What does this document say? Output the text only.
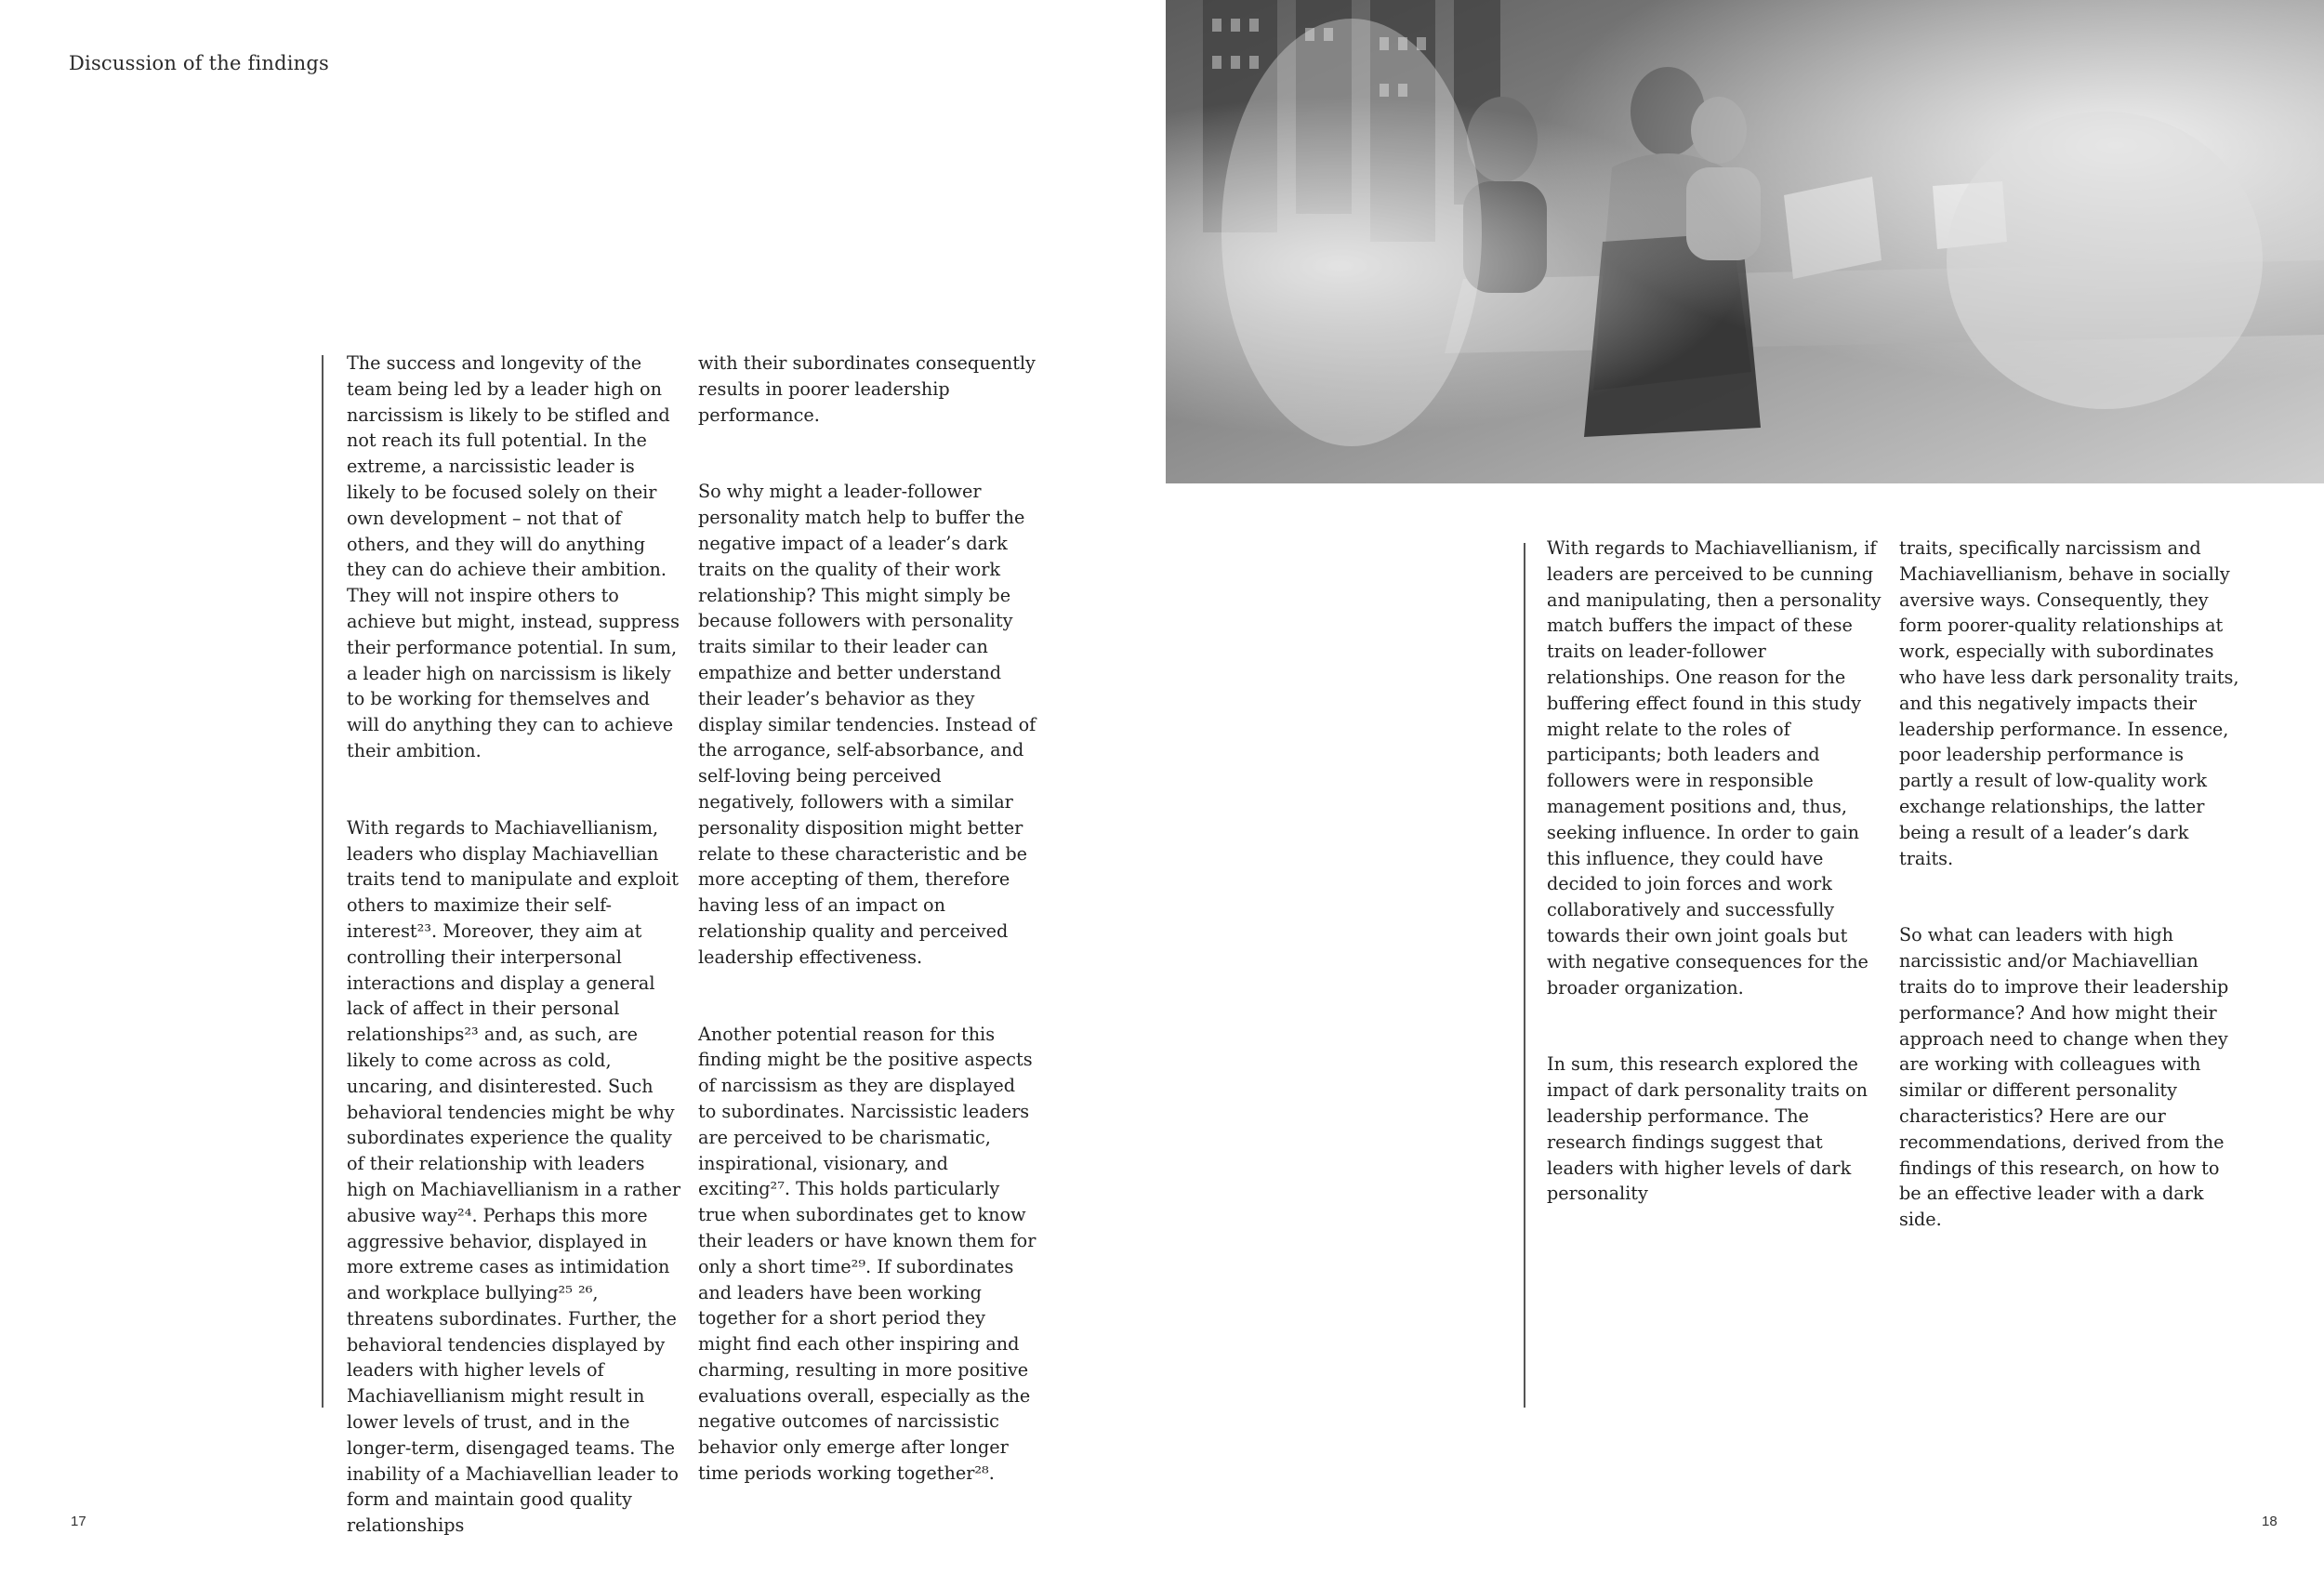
Discussion of the findings

The success and longevity of the team being led by a leader high on narcissism is likely to be stifled and not reach its full potential. In the extreme, a narcissistic leader is likely to be focused solely on their own development – not that of others, and they will do anything they can do achieve their ambition. They will not inspire others to achieve but might, instead, suppress their performance potential. In sum, a leader high on narcissism is likely to be working for themselves and will do anything they can to achieve their ambition.

With regards to Machiavellianism, leaders who display Machiavellian traits tend to manipulate and exploit others to maximize their self-interest²³. Moreover, they aim at controlling their interpersonal interactions and display a general lack of affect in their personal relationships²³ and, as such, are likely to come across as cold, uncaring, and disinterested. Such behavioral tendencies might be why subordinates experience the quality of their relationship with leaders high on Machiavellianism in a rather abusive way²⁴. Perhaps this more aggressive behavior, displayed in more extreme cases as intimidation and workplace bullying²⁵ ²⁶, threatens subordinates. Further, the behavioral tendencies displayed by leaders with higher levels of Machiavellianism might result in lower levels of trust, and in the longer-term, disengaged teams. The inability of a Machiavellian leader to form and maintain good quality relationships

with their subordinates consequently results in poorer leadership performance.

So why might a leader-follower personality match help to buffer the negative impact of a leader’s dark traits on the quality of their work relationship? This might simply be because followers with personality traits similar to their leader can empathize and better understand their leader’s behavior as they display similar tendencies. Instead of the arrogance, self-absorbance, and self-loving being perceived negatively, followers with a similar personality disposition might better relate to these characteristic and be more accepting of them, therefore having less of an impact on relationship quality and perceived leadership effectiveness.

Another potential reason for this finding might be the positive aspects of narcissism as they are displayed to subordinates. Narcissistic leaders are perceived to be charismatic, inspirational, visionary, and exciting²⁷. This holds particularly true when subordinates get to know their leaders or have known them for only a short time²⁹. If subordinates and leaders have been working together for a short period they might find each other inspiring and charming, resulting in more positive evaluations overall, especially as the negative outcomes of narcissistic behavior only emerge after longer time periods working together²⁸.

17

With regards to Machiavellianism, if leaders are perceived to be cunning and manipulating, then a personality match buffers the impact of these traits on leader-follower relationships. One reason for the buffering effect found in this study might relate to the roles of participants; both leaders and followers were in responsible management positions and, thus, seeking influence. In order to gain this influence, they could have decided to join forces and work collaboratively and successfully towards their own joint goals but with negative consequences for the broader organization.

In sum, this research explored the impact of dark personality traits on leadership performance. The research findings suggest that leaders with higher levels of dark personality

traits, specifically narcissism and Machiavellianism, behave in socially aversive ways. Consequently, they form poorer-quality relationships at work, especially with subordinates who have less dark personality traits, and this negatively impacts their leadership performance. In essence, poor leadership performance is partly a result of low-quality work exchange relationships, the latter being a result of a leader’s dark traits.

So what can leaders with high narcissistic and/or Machiavellian traits do to improve their leadership performance? And how might their approach need to change when they are working with colleagues with similar or different personality characteristics? Here are our recommendations, derived from the findings of this research, on how to be an effective leader with a dark side.

18
